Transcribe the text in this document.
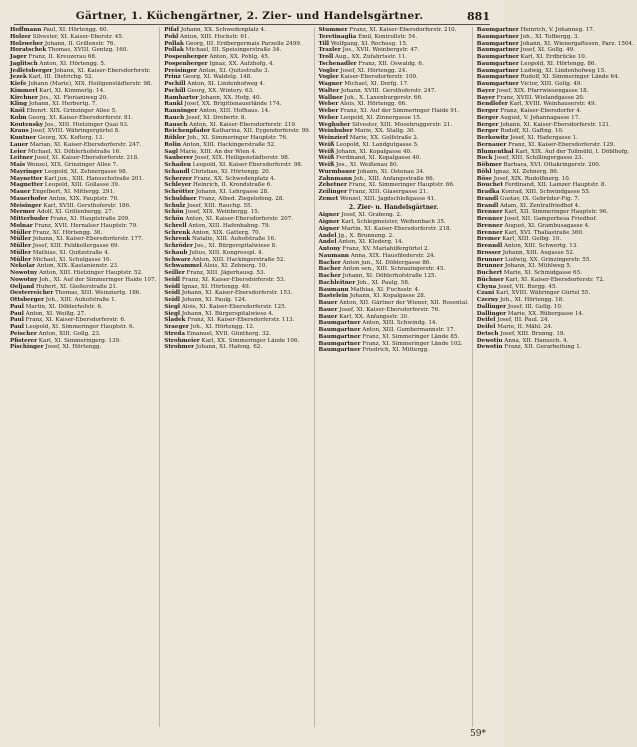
Gärtner, 1. Küchengärtner, 2. Zier- und Handelsgärtner.	881
Hoffmann Paul, XI. Hörtengg. 60.
Holzer Silvester, XI. Kaiser-Eberstr. 45.
Holzweber Johann, II. Grillenstr. 76.
Horatschek Thomas, XVIII. Gentzg. 160.
Jager Franz, II. Kreuzerau 68.
Jaglitsch Anton, XI. Hörtengg. 5.
Jedletsberger Johann, XI. Kaiser-Ebersdorferstr.
Jezek Karl, III. Dietrichg. 52.
Kiefe Johann (Marie), XIX. Heiligenstädterstr. 98.
Kimmerl Karl, XI. Kimmerlg. 14.
Kirchner Jos., XI. Florianiweg 20.
Kling Johann, XI. Herbertg. 7.
Knöl Ebenrt. XIX. Grinzinger Allee 5.
Kolm Georg, XI. Kaiser-Ebersdorferstr. 81.
Koutensky Jos., XIII. Hietzinger Quai 93.
Kraus Josef, XVIII. Währingergürtel 8.
Kuntner Georg, XX. Kofterg. 13.
Lauer Marian, XI. Kaiser-Ebersdorferstr. 247.
Leier Michael, XI. Döblerhofstraße 16.
Leitner Josef, XI. Kaiser-Ebersdorferstr. 218.
Mais Wenzel, XIX. Grinzinger Allee 7.
Mayringer Leopold, XI. Zehnergasse 98.
Maynetter Karl jun., XIII. Hanuschstraße 201.
Magnetter Leopold, XIII. Gollasse 39.
Mauer Engelbert, XI. Mittergg. 291.
Mauerhofer Anton, XIX. Pauptstr. 76.
Meisinger Karl, XVIII. Gersthoferstr. 186.
Mermer Adolf, XI. Grillenbergg. 27.
Mitterbuder Franz, XI. Hauptstraße 209.
Molnar Franz, XVII. Hernalser Hauptstr. 79.
Müller Franz, XI. Hörtengg. 36.
Müller Johann, XI. Kaiser-Ebersdorferstr. 177.
Müller Josef, XIII. Feldkellergasse 69.
Müller Mathias, XI. Quitzstraße 4.
Müller Michael, XI. Schulgasse 16.
Nekolar Anton, XIX. Kastanienstr. 23.
Nowotny Anton, XIII. Hietzinger Hauptstr. 52.
Nowotny Joh., XI. Auf der Simmeringer Haide 107.
Oeljand Hubert, XI. Gießerstraße 21.
Oesterreicher Thomas, XIII. Weinzierlg. 186.
Ottsberger Joh., XIII. Auhofstraße 1.
Paul Martin, XI. Döblerhofstr. 6.
Paul Anton, XI. Weißg. 27.
Paul Franz, XI. Kaiser-Ebersdorferstr. 6.
Paul Leopold, XI. Simmeringer Hauptstr. 6.
Peischer Anton, XIII. Gollg. 23.
Pfisterer Karl, XI. Simmeringerg. 139.
Pischinger Josef, XI. Hörtengg.
Pifaf Johann, XX. Schwedenplatz 4.
Pohl Anton, XIII. Hochstr. 61.
Pollak Georg, III. Erdbergermais Parzelle 2499.
Pollak Michael, III. Speisingerstraße 34.
Pospenberger Anton, XX. Pohlg. 45.
Pospenberger Ignaz, XX. Aufzhofg. 4.
Preisinger Anton, XI. Quitzstraße 3.
Prinz Georg, XI. Waldstg. 148.
Pschill Anton, XI. Lindenhofweg 4.
Pschill Georg, XX. Wintery. 63.
Ramharter Johann, XX. Hofg. 40.
Rankl Josef, XX. Brigittenauerlände 174.
Ranninger Anton, XIII. Hofhaus. 14.
Rauch Josef, XI. Drebertr. 8.
Rausch Anton, XI. Kaiser-Ebersdorferstr. 219.
Reichenpfader Katharina, XII. Eygendorferstr. 99.
Röhler Joh., XI. Simmeringer Hauptstr. 76.
Rolin Anton, XIII. Hackingerstraße 52.
Sagl Marie, XIII. An der Wien 4.
Sauberer Josef, XIX. Heiligenstädterstr. 98.
Schaden Leopold, XI. Kaiser-Ebersdorferstr. 98.
Schandl Christian, XI. Hörtengg. 20.
Scherzer Franz, XX. Schwedenplatz 4.
Schleyer Heinrich, II. Krondstraße 6.
Schrötter Johann, XI. Lehrgasse 28.
Schuldner Franz, Albed. Ziegelofeng. 28.
Schulz Josef, XIII. Rauchg. 55.
Schön Josef, XIX. Weinbergg. 15.
Schön Anton, XI. Kaiser-Ebersdorferstr. 207.
Schrell Anton, XIII. Hafenbahng. 79.
Schrenk Anton, XIX. Gatterg. 70.
Schrenk Natalie, XIII. Auhofstraße 16.
Schröder Jos., XI. Bürgerspitalwiese 8.
Schaub Julius, XIII. Kongresspl. 4.
Schwarz Anton, XIII. Hackingerstraße 52.
Schwammel Alois, XI. Zehnerg. 10.
Seiller Franz, XIII. Jägerhausg. 53.
Seidl Franz, XI. Kaiser-Ebersdorferstr. 53.
Seidl Ignaz, XI. Hörtengg. 49.
Seidl Johann, XI. Kaiser-Ebersdorferstr. 153.
Seidl Johann, XI. Paulg. 124.
Siegl Alois, XI. Kaiser-Ebersdorferstr. 125.
Siegl Johann, XI. Bürgerspitalwiese 4.
Sladek Franz, XI. Kaiser-Ebersdorferstr. 113.
Sraeger Joh., XI. Hörtengg. 12.
Streda Emanuel, XVII. Güntherg. 32.
Strohmeier Karl, XX. Simmeringer Lände 106.
Strohmer Johann, XI. Hafeng. 62.
Stummer Franz, XI. Kaiser-Ebersdorferstr. 210.
Teretinaglia Emil, Kontrollstr. 54.
Till Wolfgang, XI. Rochusg. 15.
Traxler Jos., XVII. Weinbergstr. 47.
Troll Aug., XX. Zufahrtsstr. 11.
Tschenadler Franz, XII. Oswaldg. 6.
Vogler Josef, XI. Hörtengg. 24.
Vogler Kaiser-Ebersdorferstr. 109.
Wagner Michael, XI. Dorfg. 17.
Walter Johann, XVIII. Gersthoferstr. 247.
Wallner Joh., X. Laxenburgerstr. 66.
Weber Alois, XI. Hörtengg. 66.
Weber Franz, XI. Auf der Simmeringer Haide 91.
Weber Leopold, XI. Zinnergasse 15.
Weghuber Silvester, XIII. Moosbruggerstr. 21.
Weinhuber Marie, XX. Stallg. 30.
Weinzierl Marie, XX. Golfstraße 2.
Weiß Leopold, XI. Landgutgasse 5.
Weiß Johann, XI. Kopalgasse 40.
Weiß Ferdinand, XI. Kopalgasse 40.
Weiß Jos., XI. Weißenau 80.
Wurmbauer Johann, XI. Ostenau 34.
Zahnmann Joh., XIII. Anfangsstraße 66.
Zehetner Franz, XI. Simmeringer Hauptstr. 66.
Zeilinger Franz, XIII. Glasergasse 21.
Zemet Wenzel, XIII. Jagdschloßgasse 41.
2. Zier- u. Handelsgärtner.
Aigner Josef, XI. Grabeng. 2.
Aigner Karl, Schlegmeister, Weihenbach 35.
Aigner Martin, XI. Kaiser-Ebersdorferstr. 218.
Andel Jg., X. Brunneng. 2.
Andel Anton, XI. Klederg. 14.
Antony Franz, XV. Mariahilfergürtel 2.
Naumann Anna, XIX. Hausfilederstr. 24.
Bacher Anton jun., XI. Döblergasse 86.
Bacher Anton sen., XIII. Schrauingerstr. 45.
Bacher Johann, XI. Döblerhofstraße 125.
Bachleitner Joh., XI. Paulg. 58.
Baumann Mathias, XI. Fuchsstr. 4.
Bastelein Johann, XI. Kopalgasse 28.
Bauer Anton, XII. Gärtner der Wiener, XII. Rosental.
Bauer Josef, XI. Kaiser-Ebersdorferstr. 76.
Bauer Karl, XX. Anfangsstr. 30.
Baumgartner Anton, XIII. Schwindg. 14.
Baumgartner Anton, XIII. Gumbermannstr. 17.
Baumgartner Franz, XI. Simmeringer Lände 85.
Baumgartner Franz, XI. Simmeringer Lände 102.
Baumgartner Friedrich, XI. Mittergg.
Baumgartner Heinrich, V. Johanneg. 17.
Baumgartner Joh., XI. Tofbergg. 3.
Baumgartner Johann, XI. Wienergaftesen, Parz. 1504.
Baumgartner Josef, XI. Gollg. 49.
Baumgartner Karl, XI. Erdbrücke 10.
Baumgartner Leopold, XI. Hörtengg. 86.
Baumgartner Ludwig, XI. Lindenhofweg 15.
Baumgartner Rudolf, XI. Simmeringer Lände 64.
Baumgartner Victor, XIII. Gollg. 49.
Bayer Josef, XIX. Pfarrwiesengasse 18.
Bayer Franz, XVIII. Wielandgasse 20.
Bendlofer Karl, XVIII. Weinhauserstr. 49.
Berger Franz, Kaiser-Ebersdorfer 4.
Berger August, V. Johannagasse 17.
Berger Johann, XI. Kaiser-Ebersdorferstr. 121.
Berger Rudolf, XI. Gaftng. 10.
Berkowitz Josef, XI. Hadergasse 1.
Bernauer Franz, XI. Kaiser-Ebersdorferstr. 129.
Blumenthal Karl, XIX. Auf der Tollmühl, I. Döblhofg.
Bock Josef, XIII. Schillingergasse 23.
Böhmer Barbara, XVI. Ottakringerstr. 200.
Böhl Ignaz, XI. Zehnerg. 86.
Böse Josef, XIX. Rudolfinerg. 10.
Bouchet Ferdinand, XII. Lainzer Hauptstr. 8.
Bradka Konrad, XIII. Schwindgasse 55.
Brandl Gustav, IX. Gebrüder-Fig. 7.
Brandl Adam, XI. Zentralfriedhof 4.
Brenner Karl, XII. Simmeringer Hauptstr. 96.
Brenner Josef, XII. Gamperbesa Friedhof.
Brenner August, XI. Grambusagasse 4.
Brenner Karl, XVI. Thaliastraße 360.
Bremer Karl, XIII. Gelbg. 10.
Brenndl Anton, XIII. Schwertg. 13.
Brosser Johann, XIII. Augasse 52.
Brunner Ludwig, XX. Grinzingerstr. 55.
Brunner Johann, XI. Mühlweg 5.
Buchert Marie, XI. Schmidgasse 65.
Büchner Karl, XI. Kaiser-Ebersdorferstr. 72.
Chyna Josef, VII. Burgg. 45.
Czani Karl, XVIII. Währinger Gürtel 55.
Czerny Joh., XI. Hörtengg. 18.
Dallinger Josef, III. Gollg. 10.
Dallinger Marie, XX. Rübergasse 14.
Deifel Josef, III. Paul. 24.
Deifel Marie, II. Mähl. 24.
Detsch Josef, XIII. Brunng. 19.
Dewotin Anna, XII. Hanusch. 4.
Dewotin Franz, XII. Gerarbeitung 1.
59*
